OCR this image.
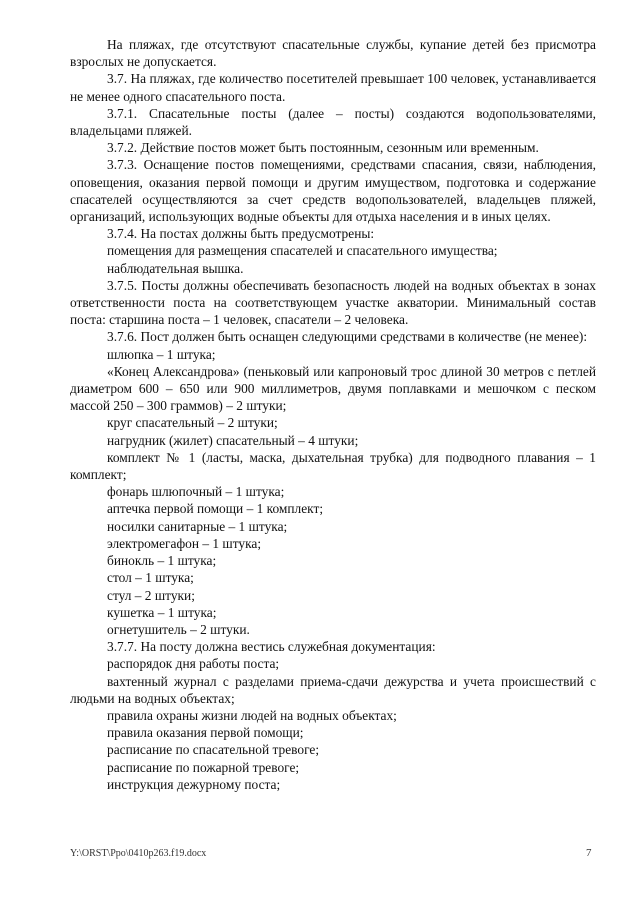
На пляжах, где отсутствуют спасательные службы, купание детей без присмотра взрослых не допускается.

3.7. На пляжах, где количество посетителей превышает 100 человек, устанавливается не менее одного спасательного поста.

3.7.1. Спасательные посты (далее – посты) создаются водопользователями, владельцами пляжей.

3.7.2. Действие постов может быть постоянным, сезонным или временным.

3.7.3. Оснащение постов помещениями, средствами спасания, связи, наблюдения, оповещения, оказания первой помощи и другим имуществом, подготовка и содержание спасателей осуществляются за счет средств водопользователей, владельцев пляжей, организаций, использующих водные объекты для отдыха населения и в иных целях.

3.7.4. На постах должны быть предусмотрены:

помещения для размещения спасателей и спасательного имущества;

наблюдательная вышка.

3.7.5. Посты должны обеспечивать безопасность людей на водных объектах в зонах ответственности поста на соответствующем участке акватории. Минимальный состав поста: старшина поста – 1 человек, спасатели – 2 человека.

3.7.6. Пост должен быть оснащен следующими средствами в количестве (не менее):

шлюпка – 1 штука;

«Конец Александрова» (пеньковый или капроновый трос длиной 30 метров с петлей диаметром 600 – 650 или 900 миллиметров, двумя поплавками и мешочком с песком массой 250 – 300 граммов) – 2 штуки;

круг спасательный – 2 штуки;

нагрудник (жилет) спасательный – 4 штуки;

комплект № 1 (ласты, маска, дыхательная трубка) для подводного плавания – 1 комплект;

фонарь шлюпочный – 1 штука;

аптечка первой помощи – 1 комплект;

носилки санитарные – 1 штука;

электромегафон – 1 штука;

бинокль – 1 штука;

стол – 1 штука;

стул – 2 штуки;

кушетка – 1 штука;

огнетушитель – 2 штуки.

3.7.7. На посту должна вестись служебная документация:

распорядок дня работы поста;

вахтенный журнал с разделами приема-сдачи дежурства и учета происшествий с людьми на водных объектах;

правила охраны жизни людей на водных объектах;

правила оказания первой помощи;

расписание по спасательной тревоге;

расписание по пожарной тревоге;

инструкция дежурному поста;

Y:\ORST\Ppo\0410p263.f19.docx	7
